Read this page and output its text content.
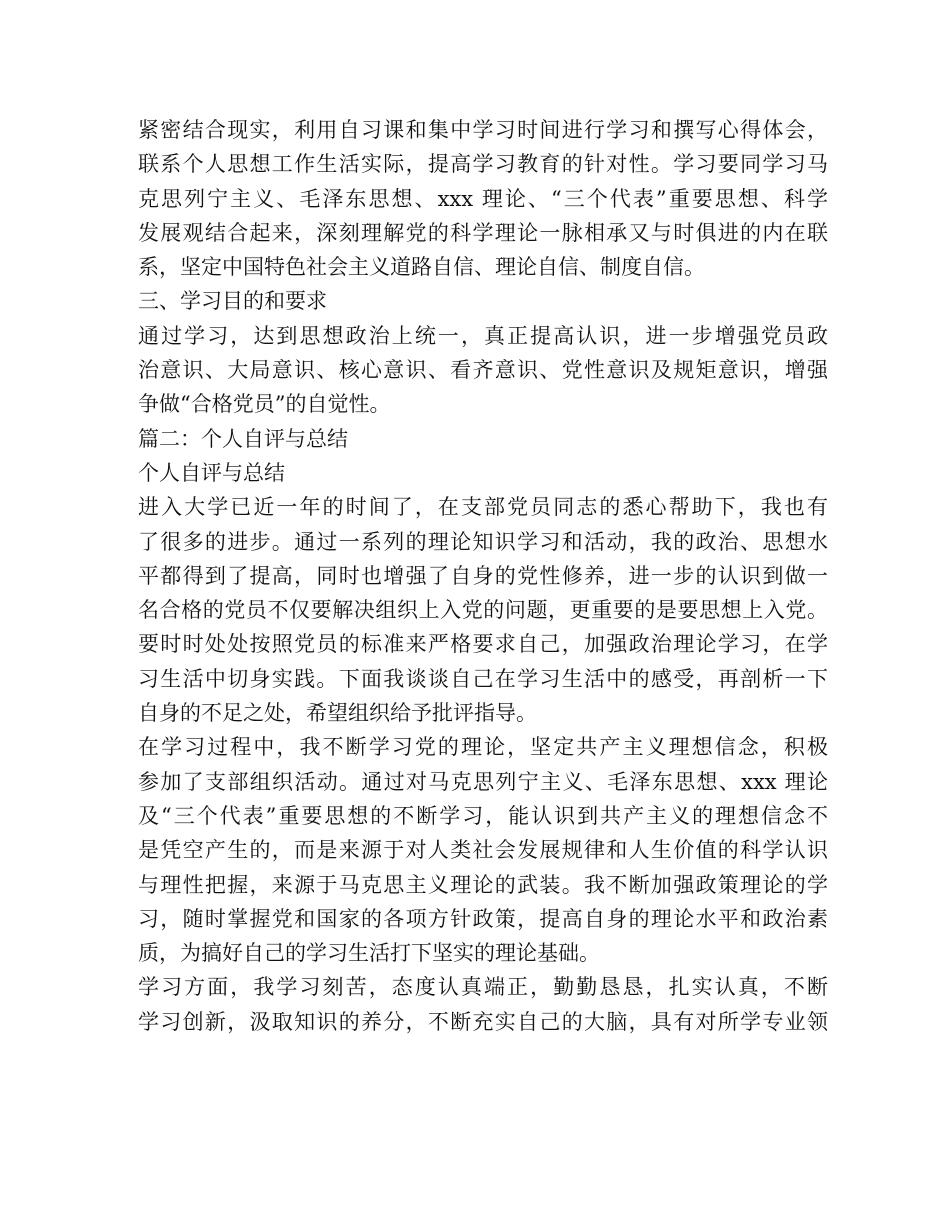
紧密结合现实，利用自习课和集中学习时间进行学习和撰写心得体会，
联系个人思想工作生活实际，提高学习教育的针对性。学习要同学习马
克思列宁主义、毛泽东思想、xxx 理论、“三个代表”重要思想、科学
发展观结合起来，深刻理解党的科学理论一脉相承又与时俱进的内在联
系，坚定中国特色社会主义道路自信、理论自信、制度自信。
三、学习目的和要求
通过学习，达到思想政治上统一，真正提高认识，进一步增强党员政
治意识、大局意识、核心意识、看齐意识、党性意识及规矩意识，增强
争做“合格党员”的自觉性。
篇二：个人自评与总结
个人自评与总结
进入大学已近一年的时间了，在支部党员同志的悉心帮助下，我也有
了很多的进步。通过一系列的理论知识学习和活动，我的政治、思想水
平都得到了提高，同时也增强了自身的党性修养，进一步的认识到做一
名合格的党员不仅要解决组织上入党的问题，更重要的是要思想上入党。
要时时处处按照党员的标准来严格要求自己，加强政治理论学习，在学
习生活中切身实践。下面我谈谈自己在学习生活中的感受，再剖析一下
自身的不足之处，希望组织给予批评指导。
在学习过程中，我不断学习党的理论，坚定共产主义理想信念，积极
参加了支部组织活动。通过对马克思列宁主义、毛泽东思想、xxx 理论
及“三个代表”重要思想的不断学习，能认识到共产主义的理想信念不
是凭空产生的，而是来源于对人类社会发展规律和人生价值的科学认识
与理性把握，来源于马克思主义理论的武装。我不断加强政策理论的学
习，随时掌握党和国家的各项方针政策，提高自身的理论水平和政治素
质，为搞好自己的学习生活打下坚实的理论基础。
学习方面，我学习刻苦，态度认真端正，勤勤恳恳，扎实认真，不断
学习创新，汲取知识的养分，不断充实自己的大脑，具有对所学专业领
